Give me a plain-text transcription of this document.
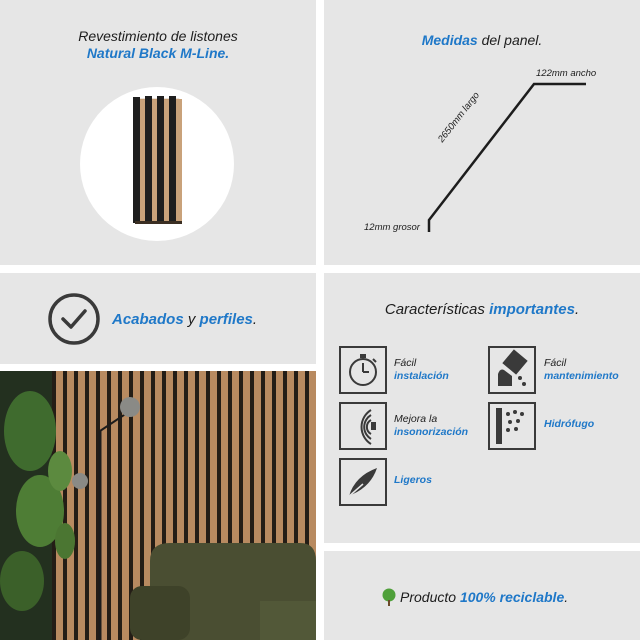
Revestimiento de listones
Natural Black M-Line.
Medidas del panel.
122mm ancho
2650mm largo
12mm grosor
Acabados y perfiles.
Características importantes.
Fácil
instalación
Fácil
mantenimiento
Mejora la
insonorización
Hidrófugo
Ligeros
Producto 100% reciclable.
